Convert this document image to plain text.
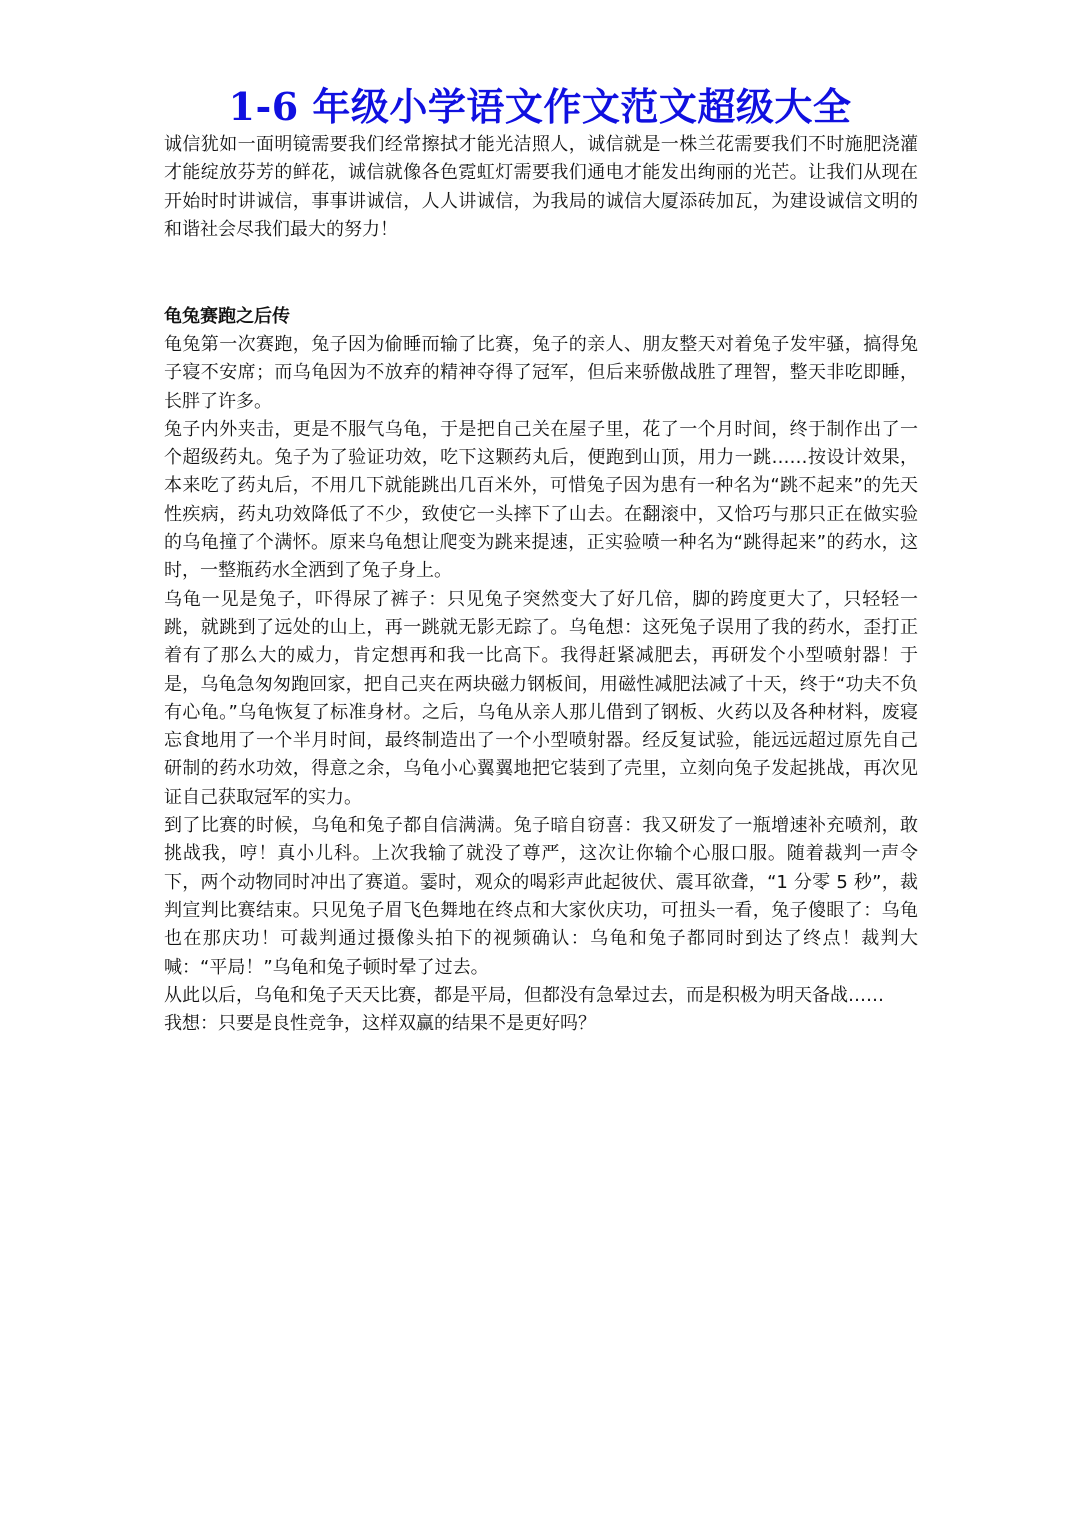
1-6 年级小学语文作文范文超级大全
诚信犹如一面明镜需要我们经常擦拭才能光洁照人，诚信就是一株兰花需要我们不时施肥浇灌才能绽放芬芳的鲜花，诚信就像各色霓虹灯需要我们通电才能发出绚丽的光芒。让我们从现在开始时时讲诚信，事事讲诚信，人人讲诚信，为我局的诚信大厦添砖加瓦，为建设诚信文明的和谐社会尽我们最大的努力！
龟兔赛跑之后传

龟兔第一次赛跑，兔子因为偷睡而输了比赛，兔子的亲人、朋友整天对着兔子发牢骚，搞得兔子寝不安席；而乌龟因为不放弃的精神夺得了冠军，但后来骄傲战胜了理智，整天非吃即睡，长胖了许多。

兔子内外夹击，更是不服气乌龟，于是把自己关在屋子里，花了一个月时间，终于制作出了一个超级药丸。兔子为了验证功效，吃下这颗药丸后，便跑到山顶，用力一跳……按设计效果，本来吃了药丸后，不用几下就能跳出几百米外，可惜兔子因为患有一种名为“跳不起来”的先天性疾病，药丸功效降低了不少，致使它一头摔下了山去。在翻滚中，又恰巧与那只正在做实验的乌龟撞了个满怀。原来乌龟想让爬变为跳来提速，正实验喷一种名为“跳得起来”的药水，这时，一整瓶药水全洒到了兔子身上。

乌龟一见是兔子，吓得尿了裤子：只见兔子突然变大了好几倍，脚的跨度更大了，只轻轻一跳，就跳到了远处的山上，再一跳就无影无踪了。乌龟想：这死兔子误用了我的药水，歪打正着有了那么大的威力，肯定想再和我一比高下。我得赶紧减肥去，再研发个小型喷射器！于是，乌龟急匆匆跑回家，把自己夹在两块磁力钢板间，用磁性减肥法减了十天，终于“功夫不负有心龟。”乌龟恢复了标准身材。之后，乌龟从亲人那儿借到了钢板、火药以及各种材料，废寝忘食地用了一个半月时间，最终制造出了一个小型喷射器。经反复试验，能远远超过原先自己研制的药水功效，得意之余，乌龟小心翼翼地把它装到了壳里，立刻向兔子发起挑战，再次见证自己获取冠军的实力。

到了比赛的时候，乌龟和兔子都自信满满。兔子暗自窃喜：我又研发了一瓶增速补充喷剂，敢挑战我，哼！真小儿科。上次我输了就没了尊严，这次让你输个心服口服。随着裁判一声令下，两个动物同时冲出了赛道。霎时，观众的喝彩声此起彼伏、震耳欲聋，“1 分零 5 秒”，裁判宣判比赛结束。只见兔子眉飞色舞地在终点和大家伙庆功，可扭头一看，兔子傻眼了：乌龟也在那庆功！可裁判通过摄像头拍下的视频确认：乌龟和兔子都同时到达了终点！裁判大喊：“平局！”乌龟和兔子顿时晕了过去。

从此以后，乌龟和兔子天天比赛，都是平局，但都没有急晕过去，而是积极为明天备战……

我想：只要是良性竞争，这样双赢的结果不是更好吗？
